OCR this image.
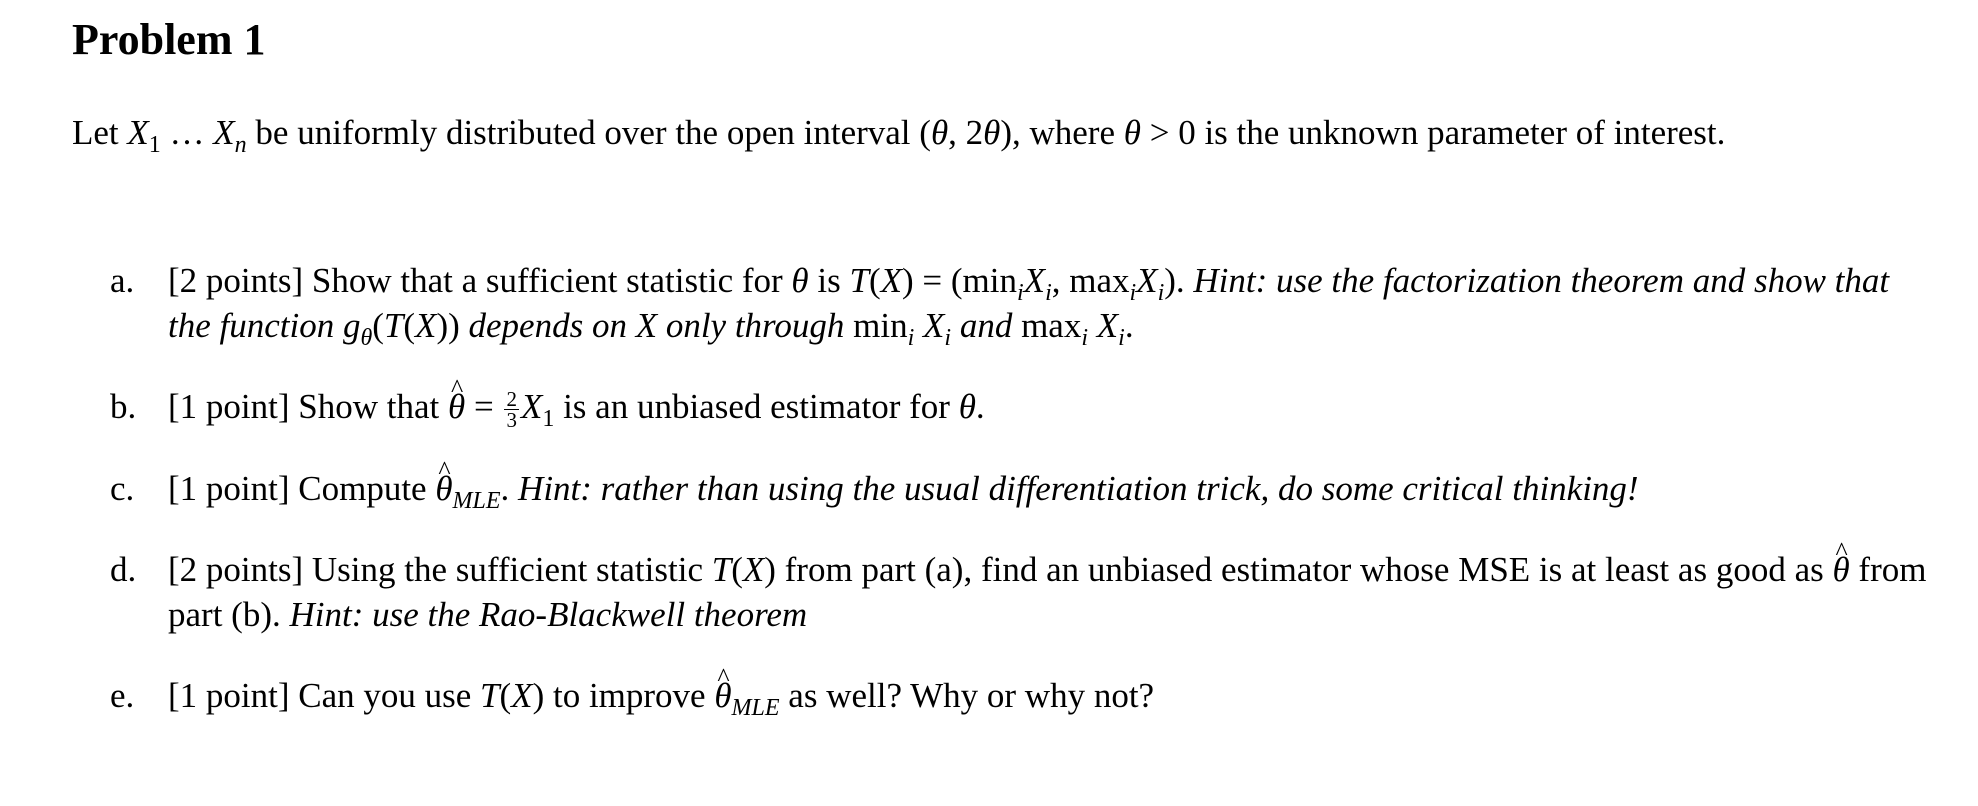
Problem 1

Let $X_1$ … $X_n$ be uniformly distributed over the open interval (θ, 2θ), where θ > 0 is the unknown parameter of interest.

a. [2 points] Show that a sufficient statistic for θ is $T(X) = (\min_iX_i$, $\max_iX_i$). Hint: use the factorization theorem and show that the function $g_\theta(T(X))$ depends on X only through $\min_i X_i$ and $\max_i X_i$.
b. [1 point] Show that ^ $\theta = \frac{2}{3} X_1$ is an unbiased estimator for θ.
c. [1 point] Compute ^ $\theta_{MLE}$. Hint: rather than using the usual differentiation trick, do some critical thinking!
d. [2 points] Using the sufficient statistic T(X) from part (a), find an unbiased estimator whose MSE is at least as good as ^ θ from part (b). Hint: use the Rao-Blackwell theorem
e. [1 point] Can you use T(X) to improve ^ $\theta_{MLE}$ as well? Why or why not?
